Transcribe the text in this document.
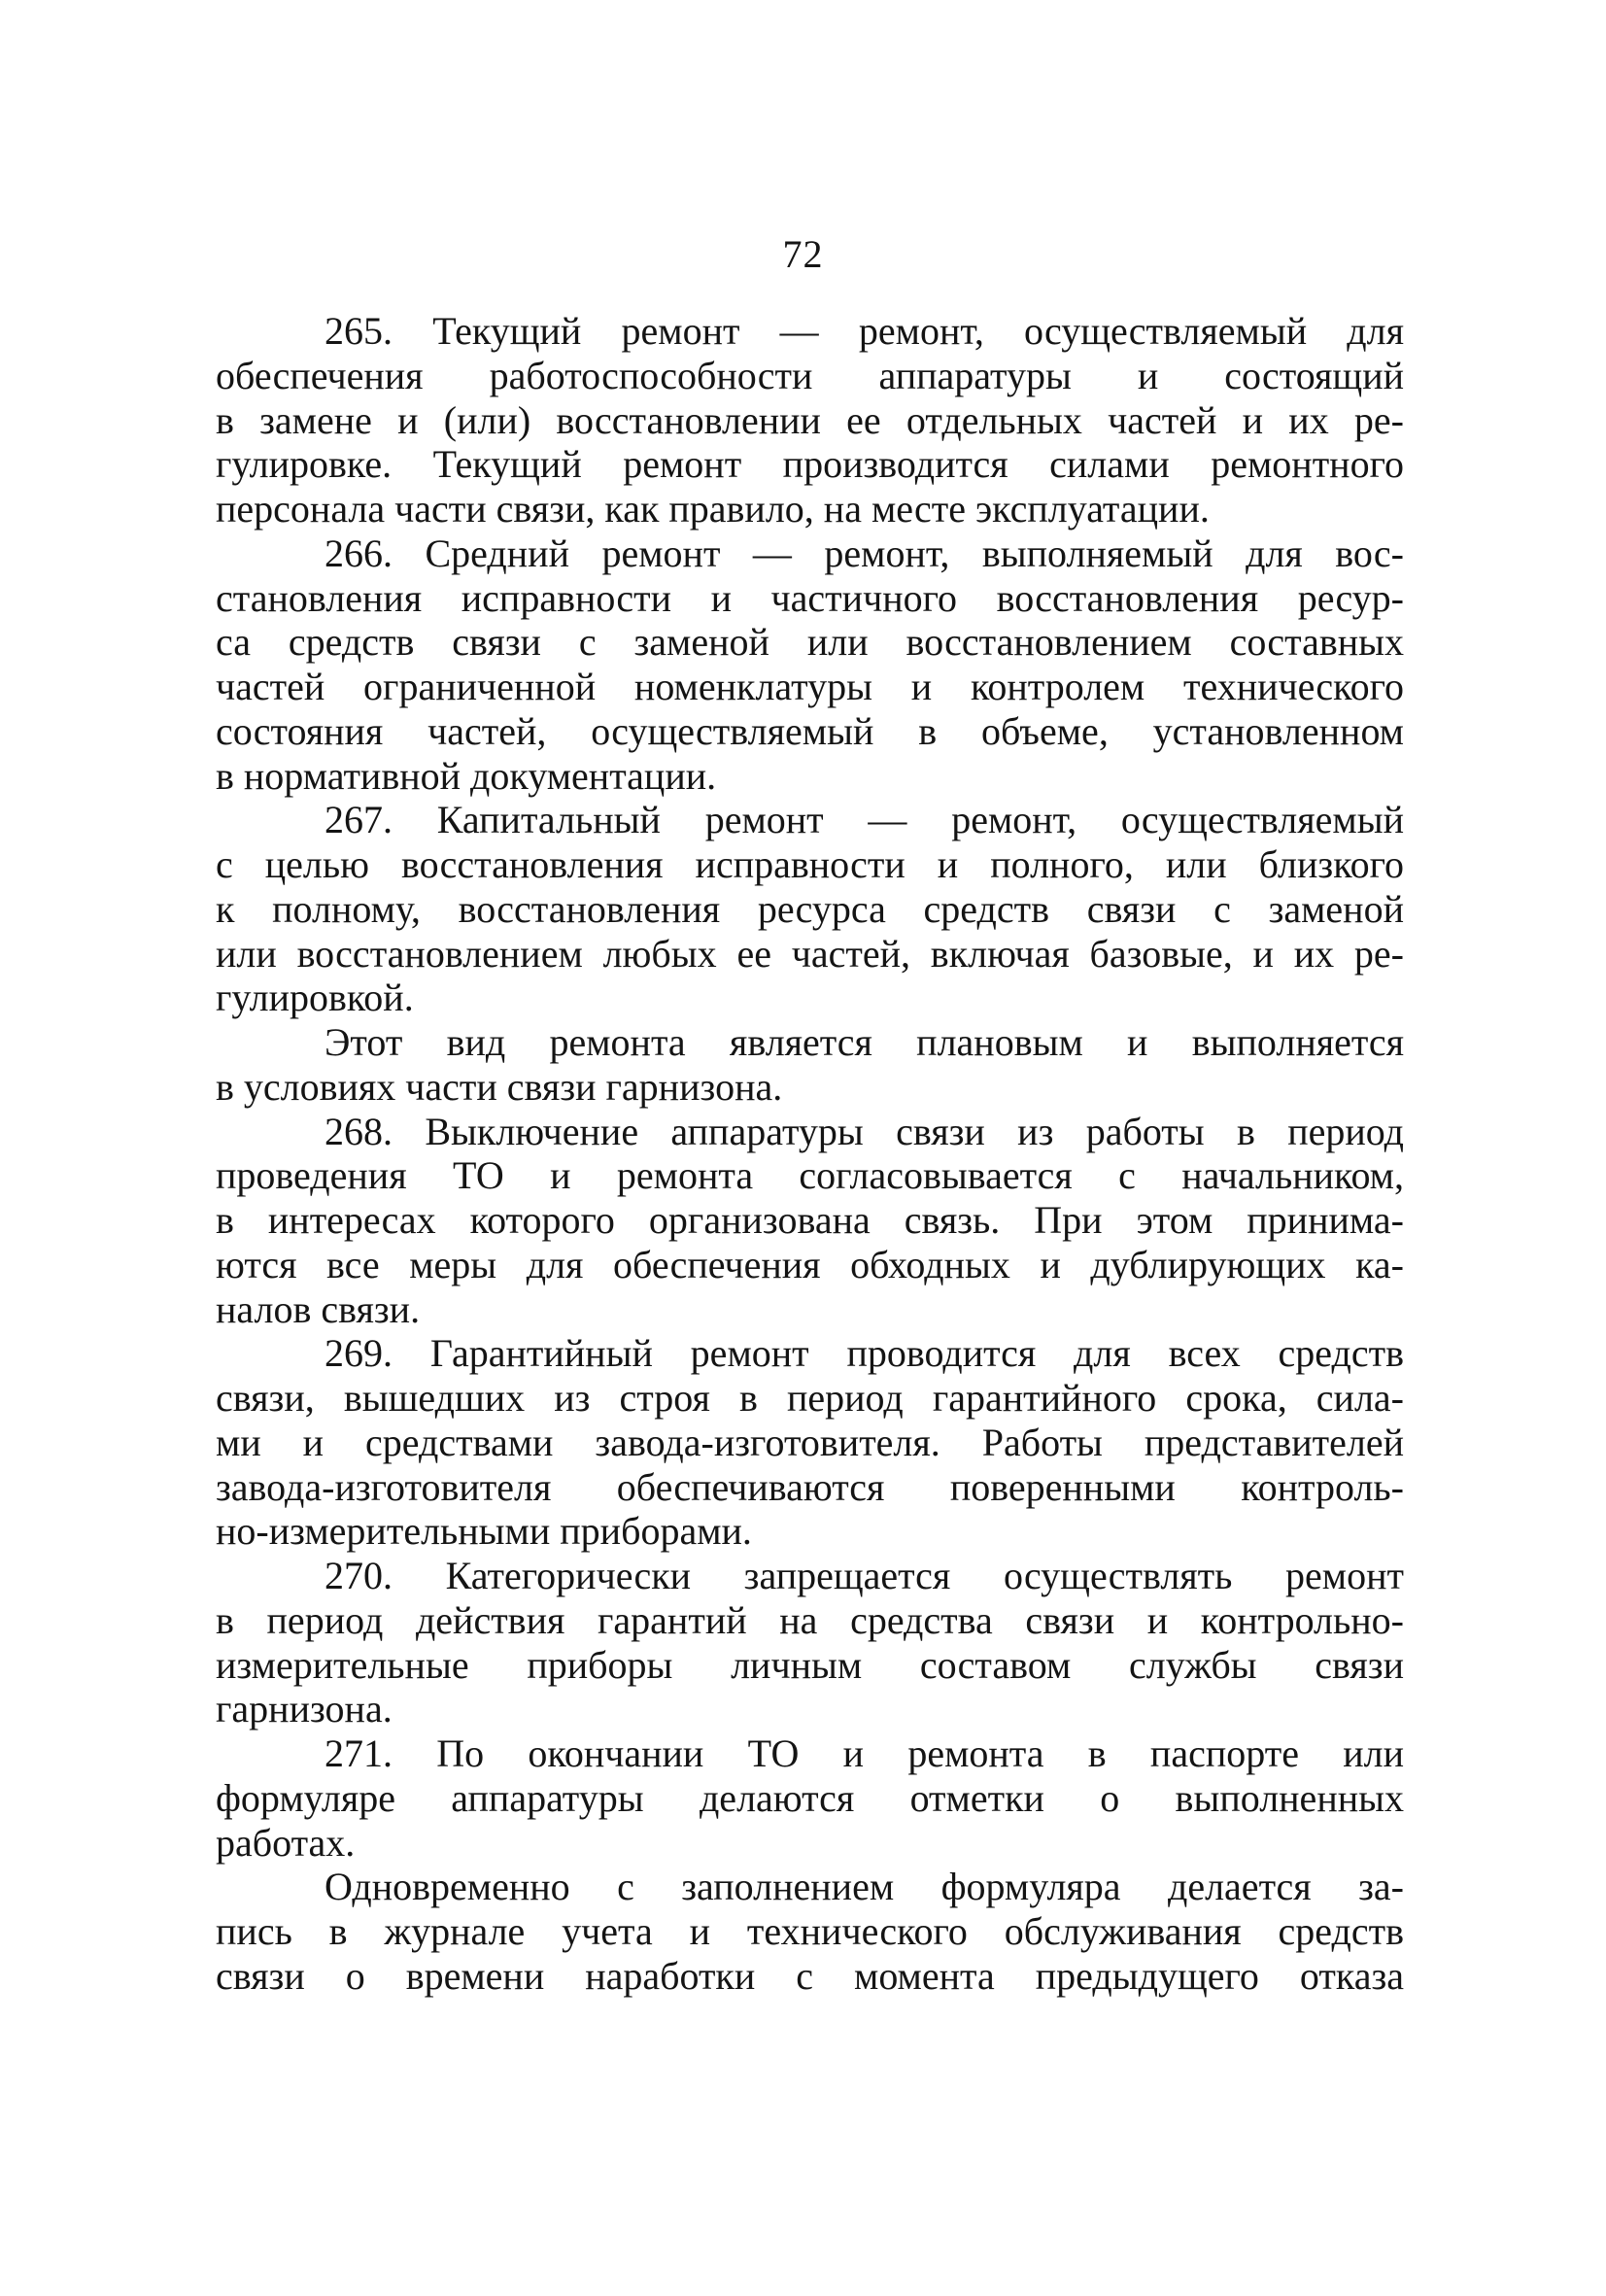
72
265. Текущий ремонт — ремонт, осуществляемый для
обеспечения работоспособности аппаратуры и состоящий
в замене и (или) восстановлении ее отдельных частей и их ре-
гулировке. Текущий ремонт производится силами ремонтного
персонала части связи, как правило, на месте эксплуатации.
266. Средний ремонт — ремонт, выполняемый для вос-
становления исправности и частичного восстановления ресур-
са средств связи с заменой или восстановлением составных
частей ограниченной номенклатуры и контролем технического
состояния частей, осуществляемый в объеме, установленном
в нормативной документации.
267. Капитальный ремонт — ремонт, осуществляемый
с целью восстановления исправности и полного, или близкого
к полному, восстановления ресурса средств связи с заменой
или восстановлением любых ее частей, включая базовые, и их ре-
гулировкой.
Этот вид ремонта является плановым и выполняется
в условиях части связи гарнизона.
268. Выключение аппаратуры связи из работы в период
проведения ТО и ремонта согласовывается с начальником,
в интересах которого организована связь. При этом принима-
ются все меры для обеспечения обходных и дублирующих ка-
налов связи.
269. Гарантийный ремонт проводится для всех средств
связи, вышедших из строя в период гарантийного срока, сила-
ми и средствами завода-изготовителя. Работы представителей
завода-изготовителя обеспечиваются поверенными контроль-
но-измерительными приборами.
270. Категорически запрещается осуществлять ремонт
в период действия гарантий на средства связи и контрольно-
измерительные приборы личным составом службы связи
гарнизона.
271. По окончании ТО и ремонта в паспорте или
формуляре аппаратуры делаются отметки о выполненных
работах.
Одновременно с заполнением формуляра делается за-
пись в журнале учета и технического обслуживания средств
связи о времени наработки с момента предыдущего отказа
